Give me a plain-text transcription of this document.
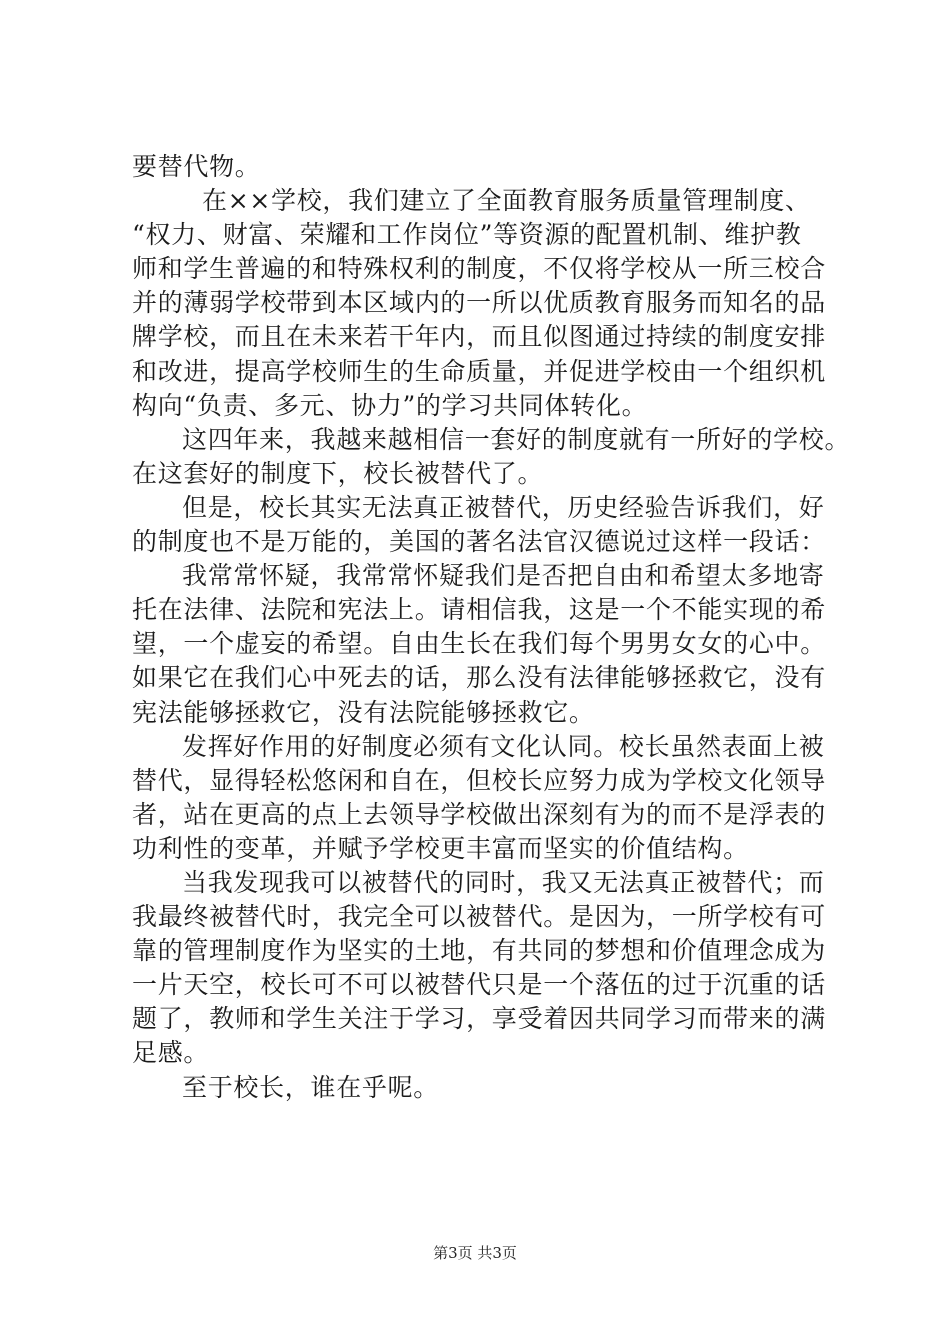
要替代物。
在××学校，我们建立了全面教育服务质量管理制度、
“权力、财富、荣耀和工作岗位”等资源的配置机制、维护教
师和学生普遍的和特殊权利的制度，不仅将学校从一所三校合
并的薄弱学校带到本区域内的一所以优质教育服务而知名的品
牌学校，而且在未来若干年内，而且似图通过持续的制度安排
和改进，提高学校师生的生命质量，并促进学校由一个组织机
构向“负责、多元、协力”的学习共同体转化。
这四年来，我越来越相信一套好的制度就有一所好的学校。
在这套好的制度下，校长被替代了。
但是，校长其实无法真正被替代，历史经验告诉我们，好
的制度也不是万能的，美国的著名法官汉德说过这样一段话：
我常常怀疑，我常常怀疑我们是否把自由和希望太多地寄
托在法律、法院和宪法上。请相信我，这是一个不能实现的希
望，一个虚妄的希望。自由生长在我们每个男男女女的心中。
如果它在我们心中死去的话，那么没有法律能够拯救它，没有
宪法能够拯救它，没有法院能够拯救它。
发挥好作用的好制度必须有文化认同。校长虽然表面上被
替代，显得轻松悠闲和自在，但校长应努力成为学校文化领导
者，站在更高的点上去领导学校做出深刻有为的而不是浮表的
功利性的变革，并赋予学校更丰富而坚实的价值结构。
当我发现我可以被替代的同时，我又无法真正被替代；而
我最终被替代时，我完全可以被替代。是因为，一所学校有可
靠的管理制度作为坚实的土地，有共同的梦想和价值理念成为
一片天空，校长可不可以被替代只是一个落伍的过于沉重的话
题了，教师和学生关注于学习，享受着因共同学习而带来的满
足感。
至于校长，谁在乎呢。
第3页 共3页
